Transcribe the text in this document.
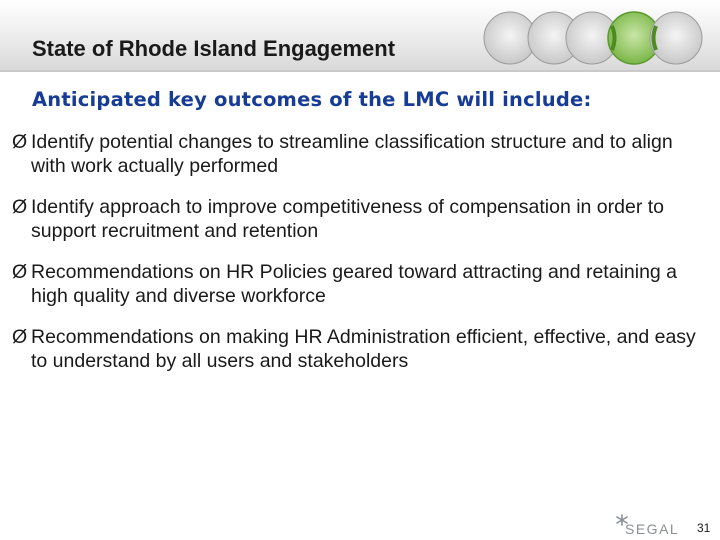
State of Rhode Island Engagement
Anticipated key outcomes of the LMC will include:
Ø Identify potential changes to streamline classification structure and to align with work actually performed
Ø Identify approach to improve competitiveness of compensation in order to support recruitment and retention
Ø Recommendations on HR Policies geared toward attracting and retaining a high quality and diverse workforce
Ø Recommendations on making HR Administration efficient, effective, and easy to understand by all users and stakeholders
SEGAL 31
